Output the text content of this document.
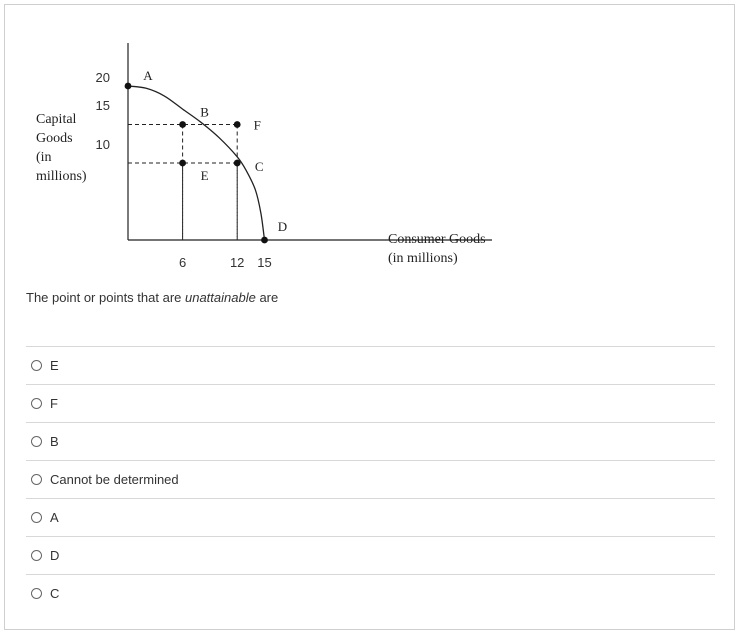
A
B
F
E
C
D
6	12 15
20
15
10
Capital
Goods
(in
millions)
Consumer Goods
(in millions)
The point or points that are unattainable are
E
F
B
Cannot be determined
A
D
C
